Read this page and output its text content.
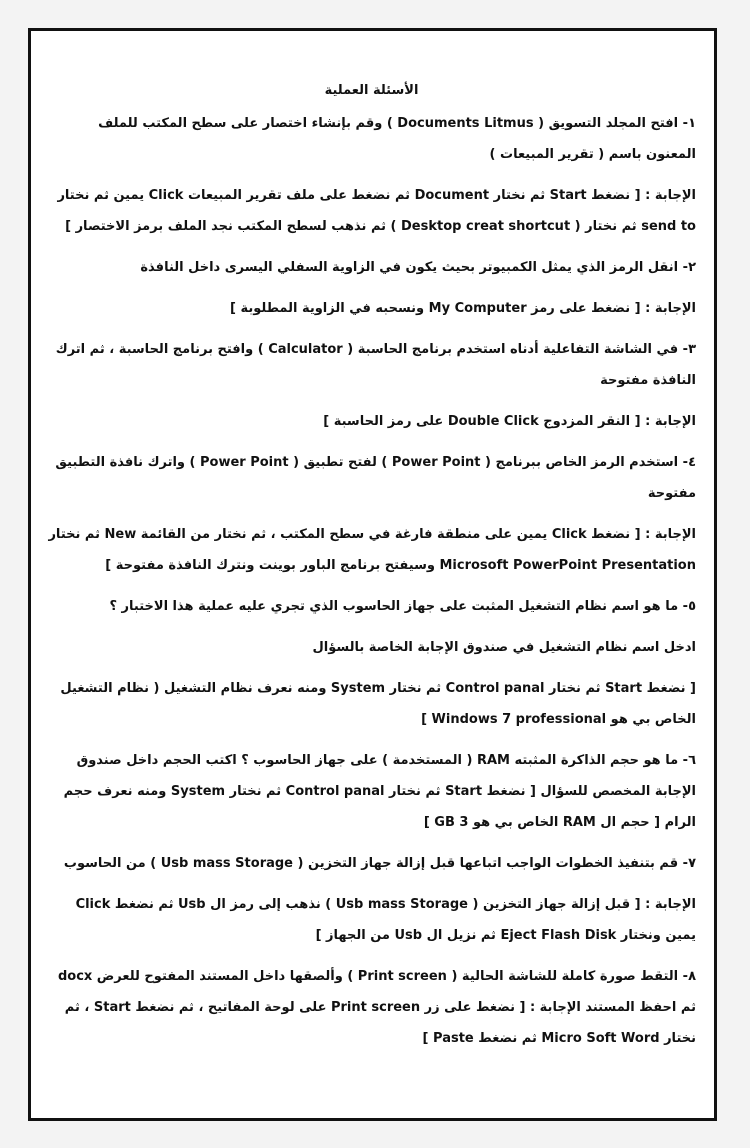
الأسئلة العملية
١- افتح المجلد التسويق ( Documents Litmus ) وقم بإنشاء اختصار على سطح المكتب للملف المعنون باسم ( تقرير المبيعات )
الإجابة : [ نضغط Start ثم نختار Document ثم نضغط على ملف تقرير المبيعات Click يمين ثم نختار send to ثم نختار ( Desktop creat shortcut ) ثم نذهب لسطح المكتب نجد الملف برمز الاختصار ]
٢- انقل الرمز الذي يمثل الكمبيوتر بحيث يكون في الزاوية السفلي اليسرى داخل النافذة
الإجابة : [ نضغط على رمز My Computer ونسحبه في الزاوية المطلوبة ]
٣- في الشاشة التفاعلية أدناه استخدم برنامج الحاسبة ( Calculator ) وافتح برنامج الحاسبة ، ثم اترك النافذة مفتوحة
الإجابة : [ النقر المزدوج Double Click على رمز الحاسبة ]
٤- استخدم الرمز الخاص ببرنامج ( Power Point ) لفتح تطبيق ( Power Point ) واترك نافذة التطبيق مفتوحة
الإجابة : [ نضغط Click يمين على منطقة فارغة في سطح المكتب ، ثم نختار من القائمة New ثم نختار Microsoft PowerPoint Presentation وسيفتح برنامج الباور بوينت ونترك النافذة مفتوحة ]
٥- ما هو اسم نظام التشغيل المثبت على جهاز الحاسوب الذي تجري عليه عملية هذا الاختبار ؟
ادخل اسم نظام التشغيل في صندوق الإجابة الخاصة بالسؤال
[ نضغط Start ثم نختار Control panal ثم نختار System ومنه نعرف نظام التشغيل ( نظام التشغيل الخاص بي هو Windows 7 professional ]
٦- ما هو حجم الذاكرة المثبته RAM ( المستخدمة ) على جهاز الحاسوب ؟ اكتب الحجم داخل صندوق الإجابة المخصص للسؤال [ نضغط Start ثم نختار Control panal ثم نختار System ومنه نعرف حجم الرام [ حجم ال RAM الخاص بي هو 3 GB ]
٧- قم بتنفيذ الخطوات الواجب اتباعها قبل إزالة جهاز التخزين ( Usb mass Storage ) من الحاسوب
الإجابة : [ قبل إزالة جهاز التخزين ( Usb mass Storage ) نذهب إلى رمز ال Usb ثم نضغط Click يمين ونختار Eject Flash Disk ثم نزيل ال Usb من الجهاز ]
٨- التقط صورة كاملة للشاشة الحالية ( Print screen ) وألصقها داخل المستند المفتوح للعرض docx ثم احفظ المستند الإجابة : [ نضغط على زر Print screen على لوحة المفاتيح ، ثم نضغط Start ، ثم نختار Micro Soft Word ثم نضغط Paste ]
